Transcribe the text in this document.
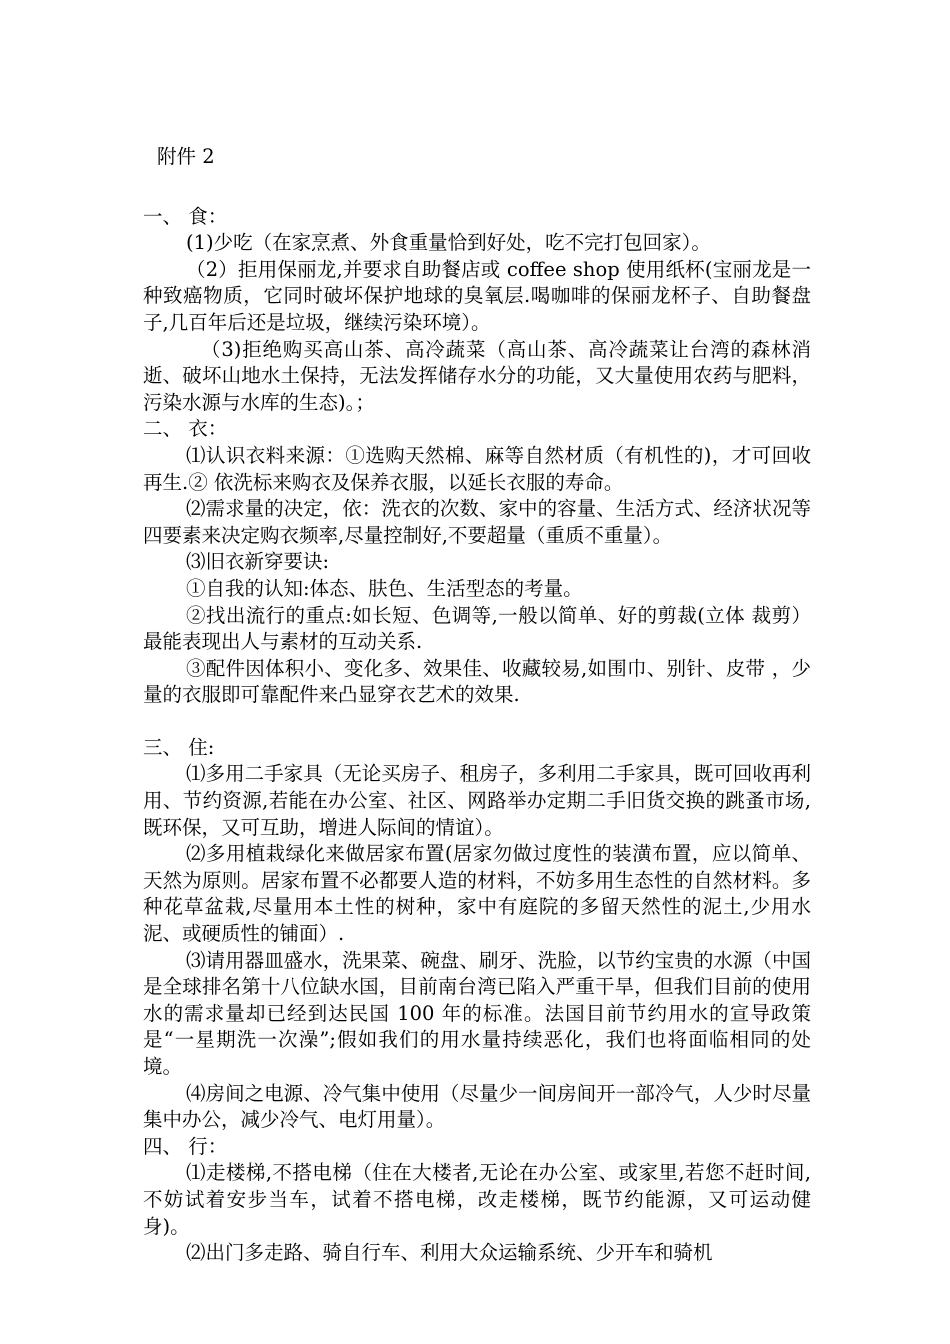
附件 2
一、 食：
(1)少吃（在家烹煮、外食重量恰到好处，吃不完打包回家）。
（2）拒用保丽龙,并要求自助餐店或 coffee shop 使用纸杯(宝丽龙是一种致癌物质，它同时破坏保护地球的臭氧层.喝咖啡的保丽龙杯子、自助餐盘子,几百年后还是垃圾，继续污染环境）。
（3)拒绝购买高山茶、高冷蔬菜（高山茶、高冷蔬菜让台湾的森林消逝、破坏山地水土保持，无法发挥储存水分的功能，又大量使用农药与肥料，污染水源与水库的生态)。；
二、 衣：
⑴认识衣料来源：①选购天然棉、麻等自然材质（有机性的)，才可回收再生.② 依洗标来购衣及保养衣服，以延长衣服的寿命。
⑵需求量的决定，依：洗衣的次数、家中的容量、生活方式、经济状况等四要素来决定购衣频率,尽量控制好,不要超量（重质不重量）。
⑶旧衣新穿要诀:
①自我的认知:体态、肤色、生活型态的考量。
②找出流行的重点:如长短、色调等,一般以简单、好的剪裁(立体 裁剪）最能表现出人与素材的互动关系.
③配件因体积小、变化多、效果佳、收藏较易,如围巾、别针、皮带 ，少量的衣服即可靠配件来凸显穿衣艺术的效果.
三、 住:
⑴多用二手家具（无论买房子、租房子，多利用二手家具，既可回收再利用、节约资源,若能在办公室、社区、网路举办定期二手旧货交换的跳蚤市场,既环保，又可互助，增进人际间的情谊）。
⑵多用植栽绿化来做居家布置(居家勿做过度性的装潢布置，应以简单、天然为原则。居家布置不必都要人造的材料，不妨多用生态性的自然材料。多种花草盆栽,尽量用本土性的树种，家中有庭院的多留天然性的泥土,少用水泥、或硬质性的铺面）.
⑶请用器皿盛水，洗果菜、碗盘、刷牙、洗脸，以节约宝贵的水源（中国是全球排名第十八位缺水国，目前南台湾已陷入严重干旱，但我们目前的使用水的需求量却已经到达民国 100 年的标准。法国目前节约用水的宣导政策是“一星期洗一次澡”;假如我们的用水量持续恶化，我们也将面临相同的处境。
⑷房间之电源、冷气集中使用（尽量少一间房间开一部冷气，人少时尽量集中办公，减少冷气、电灯用量）。
四、 行：
⑴走楼梯,不搭电梯（住在大楼者,无论在办公室、或家里,若您不赶时间,不妨试着安步当车，试着不搭电梯，改走楼梯，既节约能源，又可运动健身)。
⑵出门多走路、骑自行车、利用大众运输系统、少开车和骑机
